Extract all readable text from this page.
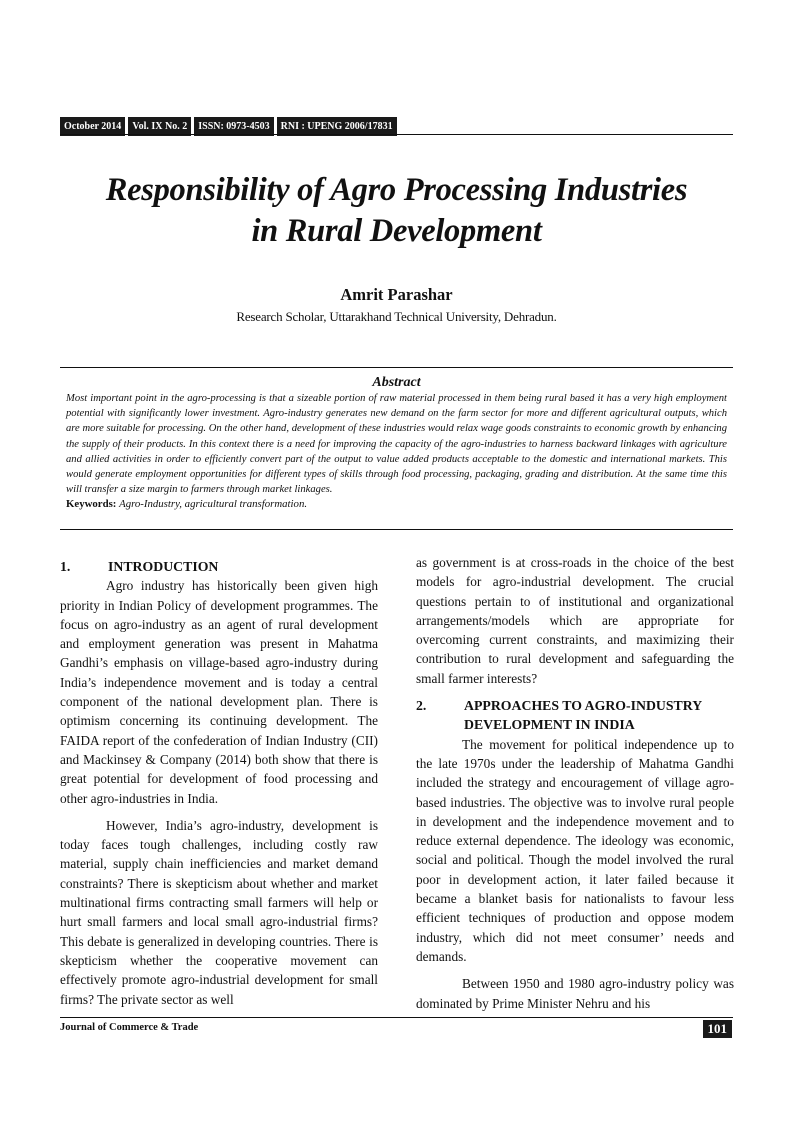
October 2014	Vol. IX No. 2	ISSN: 0973-4503	RNI : UPENG 2006/17831
Responsibility of Agro Processing Industries
in Rural Development
Amrit Parashar
Research Scholar, Uttarakhand Technical University, Dehradun.
Abstract

Most important point in the agro-processing is that a sizeable portion of raw material processed in them being rural based it has a very high employment potential with significantly lower investment. Agro-industry generates new demand on the farm sector for more and different agricultural outputs, which are more suitable for processing. On the other hand, development of these industries would relax wage goods constraints to economic growth by enhancing the supply of their products. In this context there is a need for improving the capacity of the agro-industries to harness backward linkages with agriculture and allied activities in order to efficiently convert part of the output to value added products acceptable to the domestic and international markets. This would generate employment opportunities for different types of skills through food processing, packaging, grading and distribution. At the same time this will transfer a size margin to farmers through market linkages.

Keywords: Agro-Industry, agricultural transformation.

1.	INTRODUCTION

Agro industry has historically been given high priority in Indian Policy of development programmes. The focus on agro-industry as an agent of rural development and employment generation was present in Mahatma Gandhi’s emphasis on village-based agro-industry during India’s independence movement and is today a central component of the national development plan. There is optimism concerning its continuing development. The FAIDA report of the confederation of Indian Industry (CII) and Mackinsey & Company (2014) both show that there is great potential for development of food processing and other agro-industries in India.

However, India’s agro-industry, development is today faces tough challenges, including costly raw material, supply chain inefficiencies and market demand constraints? There is skepticism about whether and market multinational firms contracting small farmers will help or hurt small farmers and local small agro-industrial firms? This debate is generalized in developing countries. There is skepticism whether the cooperative movement can effectively promote agro-industrial development for small firms? The private sector as well

as government is at cross-roads in the choice of the best models for agro-industrial development. The crucial questions pertain to of institutional and organizational arrangements/models which are appropriate for overcoming current constraints, and maximizing their contribution to rural development and safeguarding the small farmer interests?

2.	APPROACHES TO AGRO-INDUSTRY DEVELOPMENT IN INDIA

The movement for political independence up to the late 1970s under the leadership of Mahatma Gandhi included the strategy and encouragement of village agro-based industries. The objective was to involve rural people in development and the independence movement and to reduce external dependence. The ideology was economic, social and political. Though the model involved the rural poor in development action, it later failed because it became a blanket basis for nationalists to favour less efficient techniques of production and oppose modem industry, which did not meet consumer’ needs and demands.

Between 1950 and 1980 agro-industry policy was dominated by Prime Minister Nehru and his

Journal of Commerce & Trade	101
